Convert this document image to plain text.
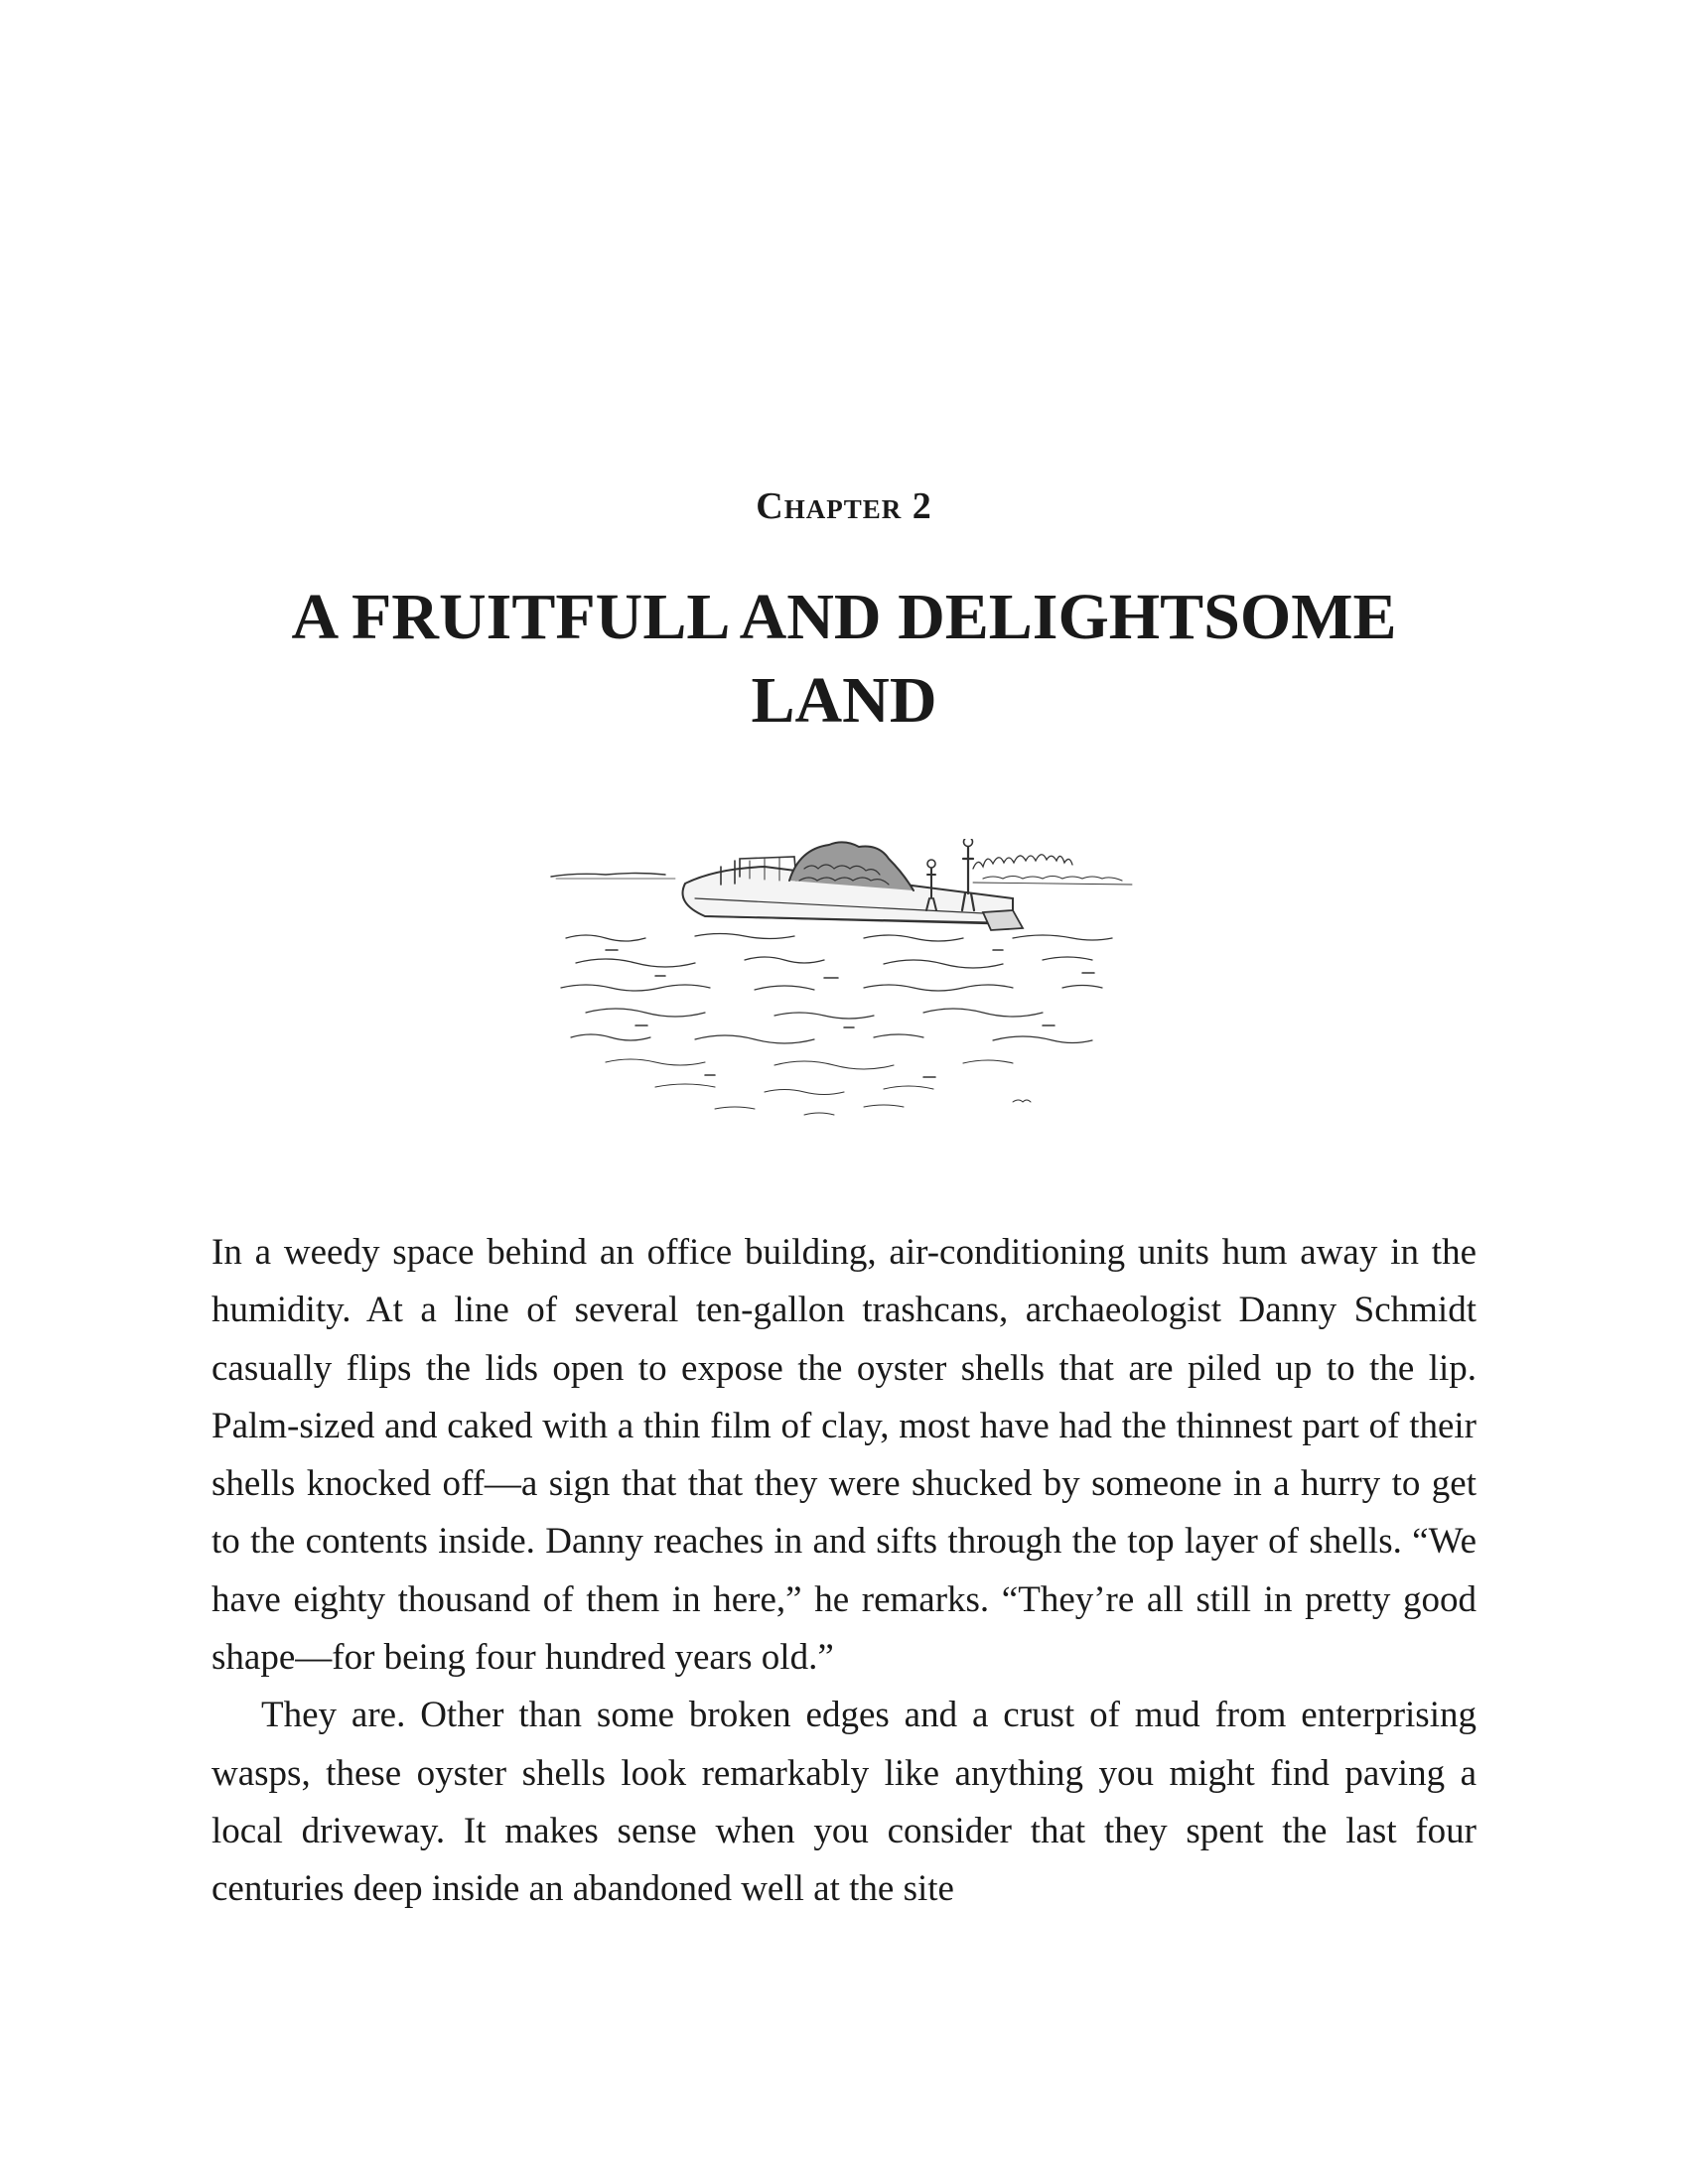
Chapter 2
A FRUITFULL AND DELIGHTSOME
LAND

In a weedy space behind an office building, air-conditioning units hum away in the humidity. At a line of several ten-gallon trashcans, archaeologist Danny Schmidt casually flips the lids open to expose the oyster shells that are piled up to the lip. Palm-sized and caked with a thin film of clay, most have had the thinnest part of their shells knocked off—a sign that that they were shucked by someone in a hurry to get to the contents inside. Danny reaches in and sifts through the top layer of shells. “We have eighty thousand of them in here,” he remarks. “They’re all still in pretty good shape—for being four hundred years old.”

They are. Other than some broken edges and a crust of mud from enterprising wasps, these oyster shells look remarkably like anything you might find paving a local driveway. It makes sense when you consider that they spent the last four centuries deep inside an abandoned well at the site
